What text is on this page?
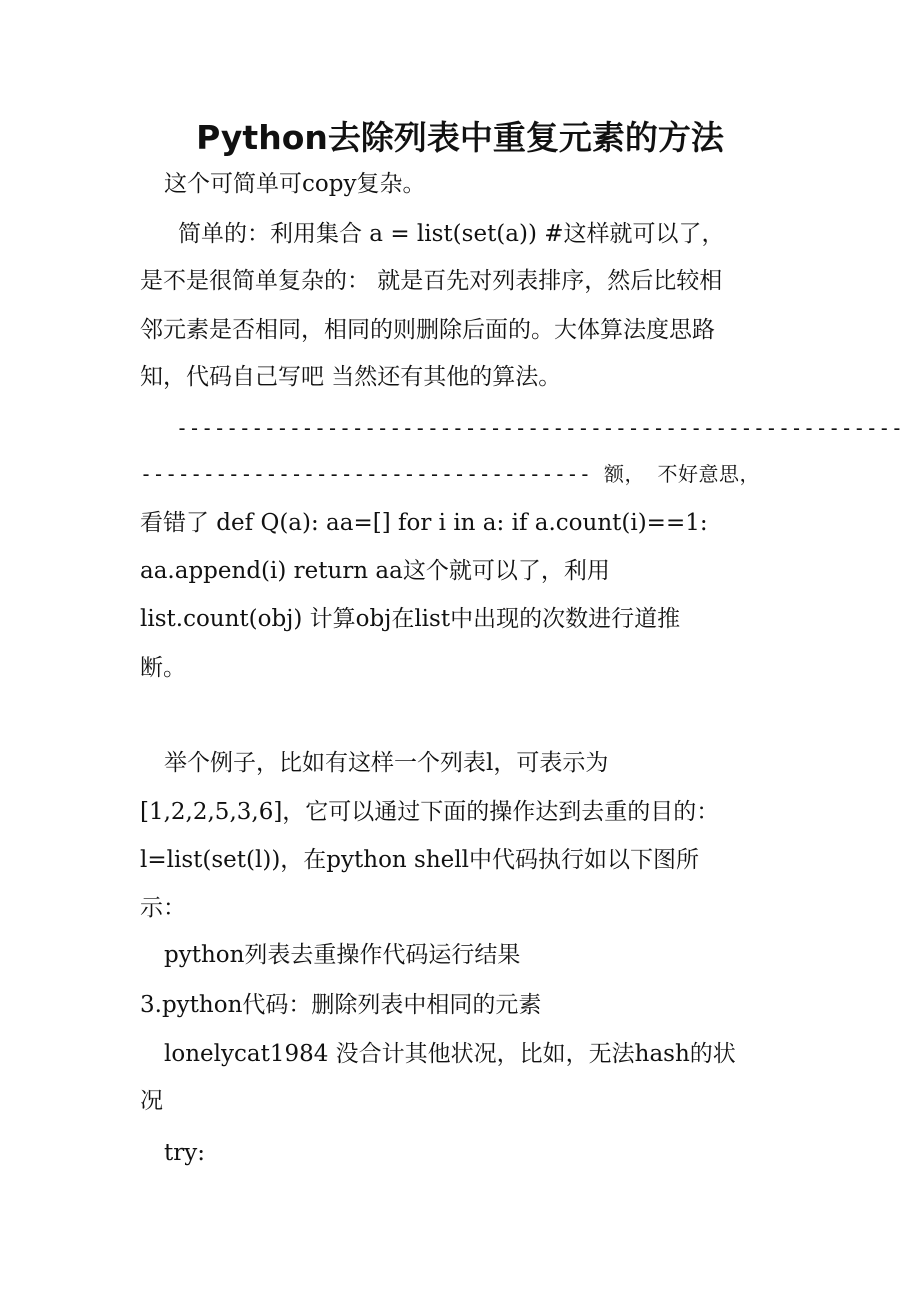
Python去除列表中重复元素的方法
这个可简单可copy复杂。
简单的：利用集合 a = list(set(a)) #这样就可以了，
是不是很简单复杂的： 就是百先对列表排序，然后比较相
邻元素是否相同，相同的则删除后面的。大体算法度思路
知，代码自己写吧 当然还有其他的算法。
----------------------------------------------------------
------------------------------------ 额， 不好意思，
看错了 def Q(a): aa=[] for i in a: if a.count(i)==1:
aa.append(i) return aa这个就可以了，利用
list.count(obj) 计算obj在list中出现的次数进行道推
断。
举个例子，比如有这样一个列表l，可表示为
[1,2,2,5,3,6]，它可以通过下面的操作达到去重的目的：
l=list(set(l))，在python shell中代码执行如以下图所
示：
python列表去重操作代码运行结果
3.python代码：删除列表中相同的元素
lonelycat1984 没合计其他状况，比如，无法hash的状
况
try:
